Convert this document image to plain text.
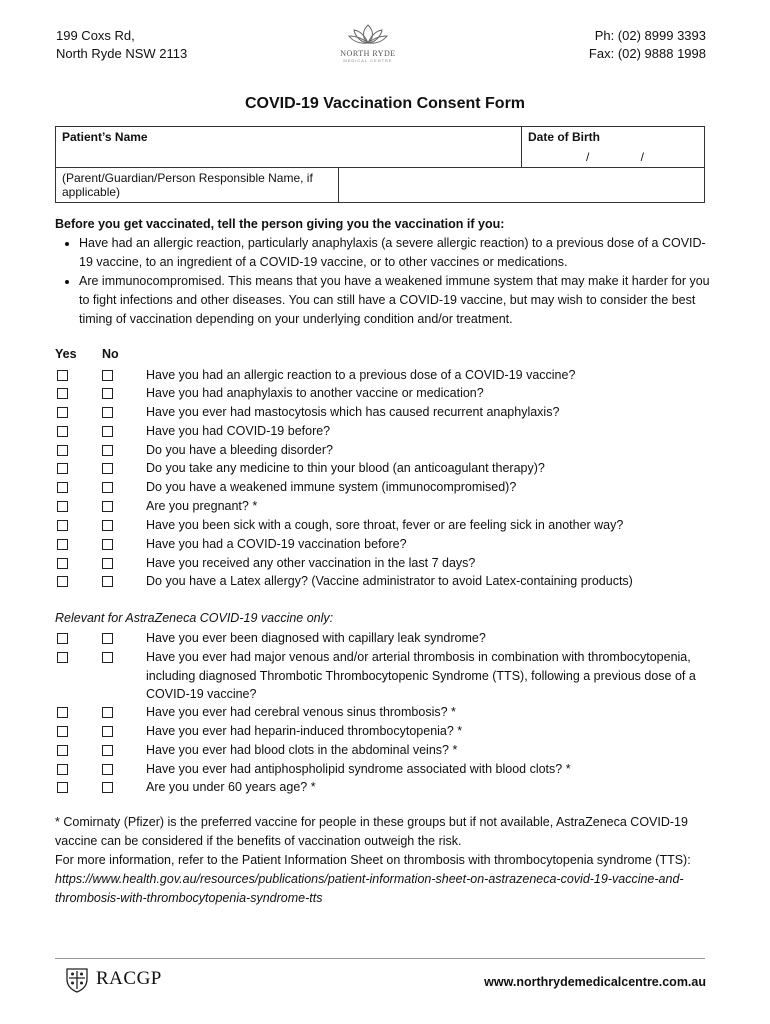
199 Coxs Rd,
North Ryde NSW 2113	NORTH RYDE
MEDICAL CENTRE
Ph: (02) 8999 3393
Fax: (02) 9888 1998
COVID-19 Vaccination Consent Form
Patient’s Name		Date of Birth
/ /

(Parent/Guardian/Person Responsible Name, if applicable)		

Before you get vaccinated, tell the person giving you the vaccination if you:

• Have had an allergic reaction, particularly anaphylaxis (a severe allergic reaction) to a previous dose of a COVID-19 vaccine, to an ingredient of a COVID-19 vaccine, or to other vaccines or medications.
• Are immunocompromised. This means that you have a weakened immune system that may make it harder for you to fight infections and other diseases. You can still have a COVID-19 vaccine, but may wish to consider the best timing of vaccination depending on your underlying condition and/or treatment.
Yes No
Have you had an allergic reaction to a previous dose of a COVID-19 vaccine?
Have you had anaphylaxis to another vaccine or medication?
Have you ever had mastocytosis which has caused recurrent anaphylaxis?
Have you had COVID-19 before?
Do you have a bleeding disorder?
Do you take any medicine to thin your blood (an anticoagulant therapy)?
Do you have a weakened immune system (immunocompromised)?
Are you pregnant? *
Have you been sick with a cough, sore throat, fever or are feeling sick in another way?
Have you had a COVID-19 vaccination before?
Have you received any other vaccination in the last 7 days?
Do you have a Latex allergy? (Vaccine administrator to avoid Latex-containing products)
Relevant for AstraZeneca COVID-19 vaccine only:
Have you ever been diagnosed with capillary leak syndrome?
Have you ever had major venous and/or arterial thrombosis in combination with thrombocytopenia, including diagnosed Thrombotic Thrombocytopenic Syndrome (TTS), following a previous dose of a COVID-19 vaccine?
Have you ever had cerebral venous sinus thrombosis? *
Have you ever had heparin-induced thrombocytopenia? *
Have you ever had blood clots in the abdominal veins? *
Have you ever had antiphospholipid syndrome associated with blood clots? *
Are you under 60 years age? *

* Comirnaty (Pfizer) is the preferred vaccine for people in these groups but if not available, AstraZeneca COVID-19 vaccine can be considered if the benefits of vaccination outweigh the risk.

For more information, refer to the Patient Information Sheet on thrombosis with thrombocytopenia syndrome (TTS):

https://www.health.gov.au/resources/publications/patient-information-sheet-on-astrazeneca-covid-19-vaccine-and-thrombosis-with-thrombocytopenia-syndrome-tts

RACGP	www.northrydemedicalcentre.com.au
